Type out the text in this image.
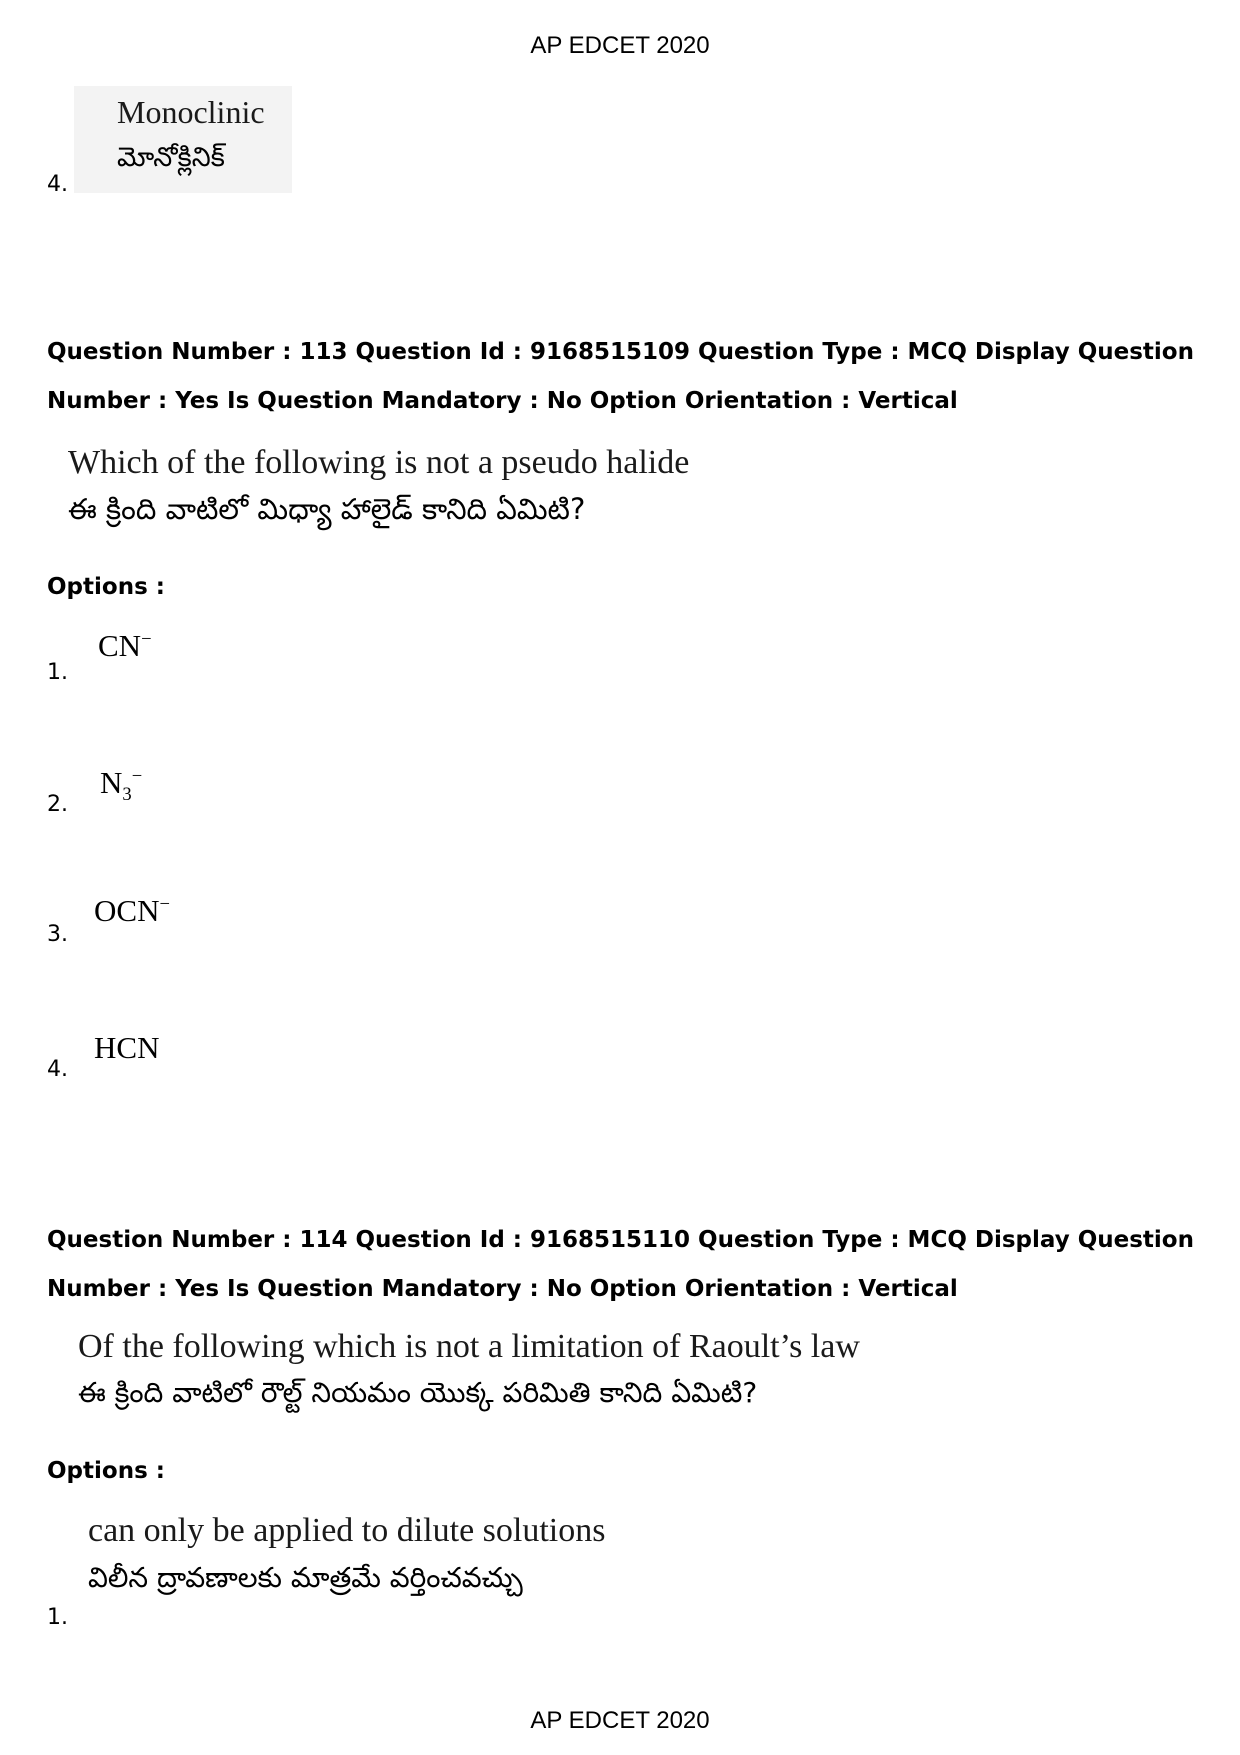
AP EDCET 2020
Monoclinic
మోనోక్లినిక్
4.
Question Number : 113 Question Id : 9168515109 Question Type : MCQ Display Question
Number : Yes Is Question Mandatory : No Option Orientation : Vertical
Which of the following is not a pseudo halide
ఈ క్రింది వాటిలో మిధ్యా హాలైడ్ కానిది ఏమిటి?
Options :
1.
CN−
2.
$N_3^-$
3.
OCN−
4.
HCN
Question Number : 114 Question Id : 9168515110 Question Type : MCQ Display Question
Number : Yes Is Question Mandatory : No Option Orientation : Vertical
Of the following which is not a limitation of Raoult’s law
ఈ క్రింది వాటిలో రౌల్ట్ నియమం యొక్క పరిమితి కానిది ఏమిటి?
Options :
can only be applied to dilute solutions
విలీన ద్రావణాలకు మాత్రమే వర్తించవచ్చు
1.
AP EDCET 2020
